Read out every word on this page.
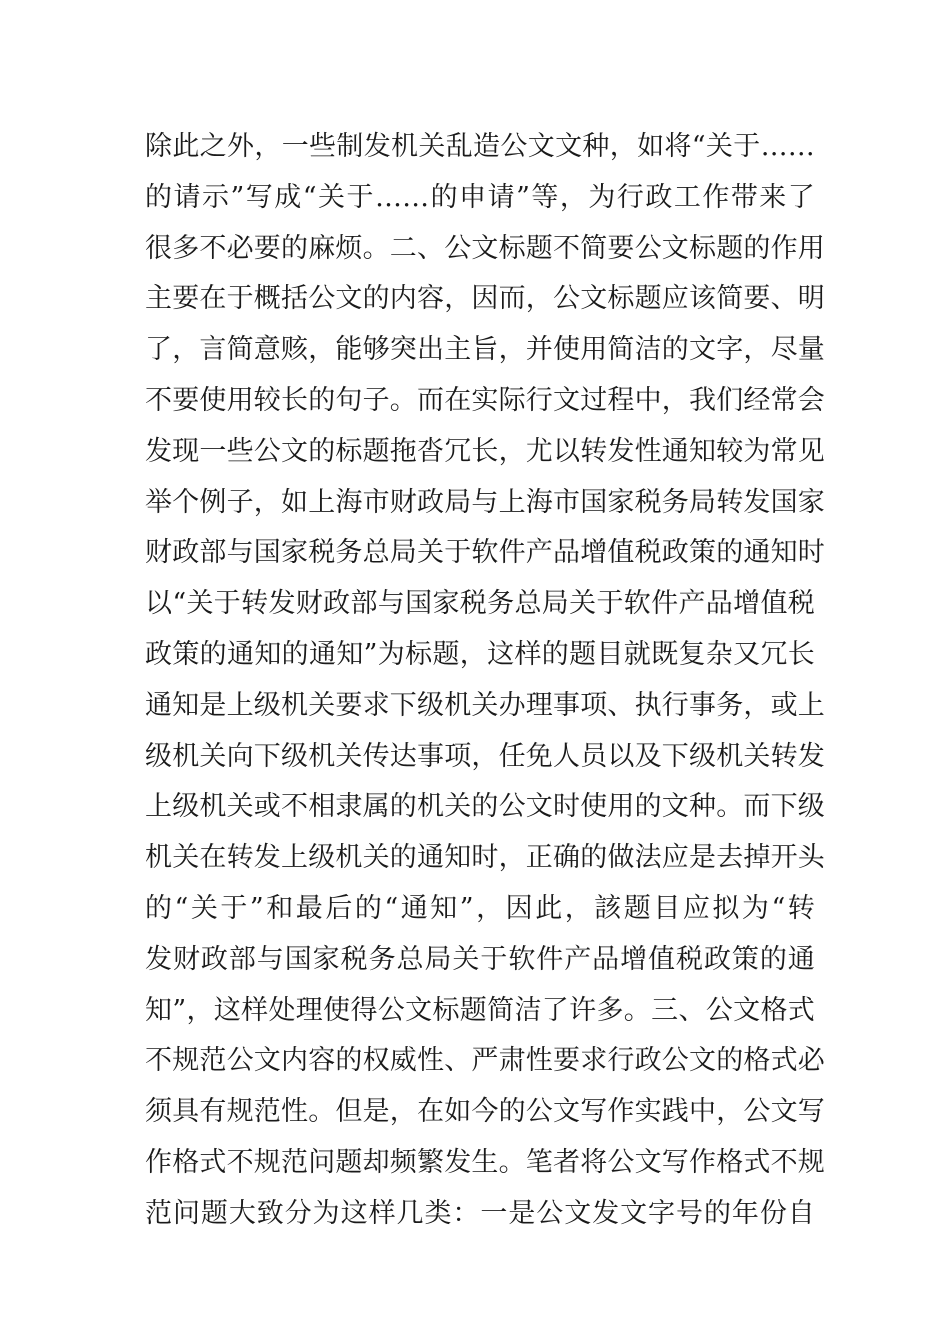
除此之外，一些制发机关乱造公文文种，如将“关于……
的请示”写成“关于……的申请”等，为行政工作带来了
很多不必要的麻烦。二、公文标题不简要公文标题的作用
主要在于概括公文的内容，因而，公文标题应该简要、明
了，言简意赅，能够突出主旨，并使用简洁的文字，尽量
不要使用较长的句子。而在实际行文过程中，我们经常会
发现一些公文的标题拖沓冗长，尤以转发性通知较为常见
举个例子，如上海市财政局与上海市国家税务局转发国家
财政部与国家税务总局关于软件产品增值税政策的通知时
以“关于转发财政部与国家税务总局关于软件产品增值税
政策的通知的通知”为标题，这样的题目就既复杂又冗长
通知是上级机关要求下级机关办理事项、执行事务，或上
级机关向下级机关传达事项，任免人员以及下级机关转发
上级机关或不相隶属的机关的公文时使用的文种。而下级
机关在转发上级机关的通知时，正确的做法应是去掉开头
的“关于”和最后的“通知”，因此，該题目应拟为“转
发财政部与国家税务总局关于软件产品增值税政策的通
知”，这样处理使得公文标题简洁了许多。三、公文格式
不规范公文内容的权威性、严肃性要求行政公文的格式必
须具有规范性。但是，在如今的公文写作实践中，公文写
作格式不规范问题却频繁发生。笔者将公文写作格式不规
范问题大致分为这样几类：一是公文发文字号的年份自
